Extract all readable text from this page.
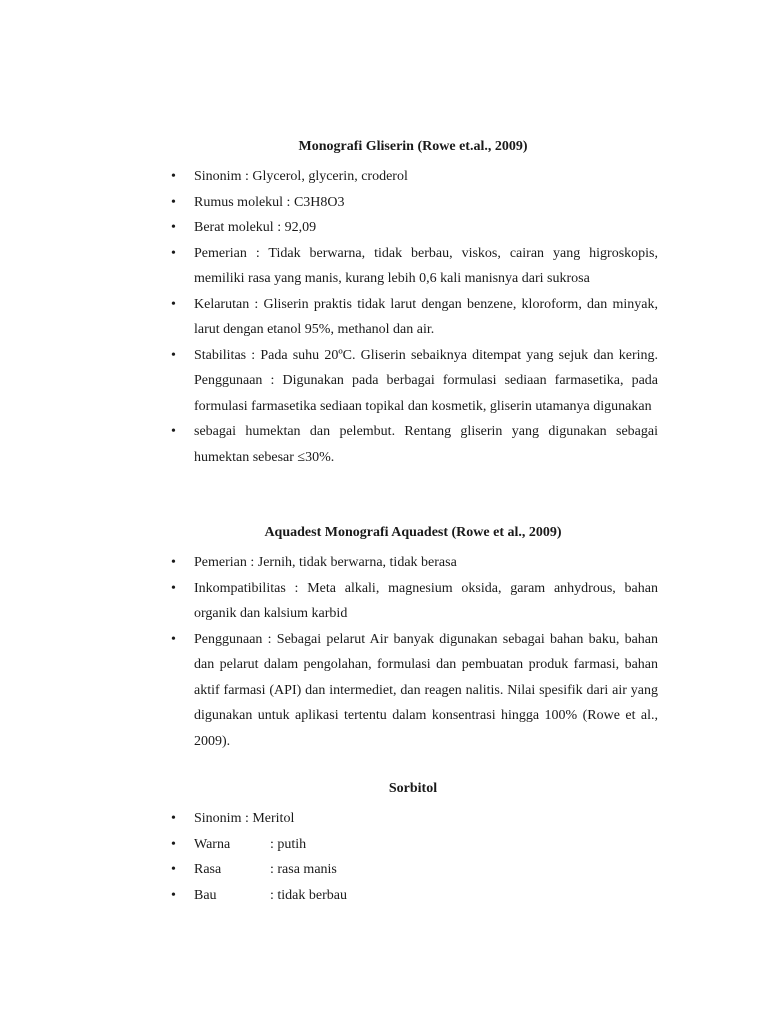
Monografi Gliserin (Rowe et.al., 2009)
• Sinonim : Glycerol, glycerin, croderol
• Rumus molekul : C3H8O3
• Berat molekul : 92,09
• Pemerian : Tidak berwarna, tidak berbau, viskos, cairan yang higroskopis, memiliki rasa yang manis, kurang lebih 0,6 kali manisnya dari sukrosa
• Kelarutan : Gliserin praktis tidak larut dengan benzene, kloroform, dan minyak, larut dengan etanol 95%, methanol dan air.
• Stabilitas : Pada suhu 20ºC. Gliserin sebaiknya ditempat yang sejuk dan kering. Penggunaan : Digunakan pada berbagai formulasi sediaan farmasetika, pada formulasi farmasetika sediaan topikal dan kosmetik, gliserin utamanya digunakan
• sebagai humektan dan pelembut. Rentang gliserin yang digunakan sebagai humektan sebesar ≤30%.
Aquadest Monografi Aquadest (Rowe et al., 2009)
• Pemerian : Jernih, tidak berwarna, tidak berasa
• Inkompatibilitas : Meta alkali, magnesium oksida, garam anhydrous, bahan organik dan kalsium karbid
• Penggunaan : Sebagai pelarut Air banyak digunakan sebagai bahan baku, bahan dan pelarut dalam pengolahan, formulasi dan pembuatan produk farmasi, bahan aktif farmasi (API) dan intermediet, dan reagen nalitis. Nilai spesifik dari air yang digunakan untuk aplikasi tertentu dalam konsentrasi hingga 100% (Rowe et al., 2009).
Sorbitol
• Sinonim : Meritol
• Warna	: putih
• Rasa	: rasa manis
• Bau	: tidak berbau
